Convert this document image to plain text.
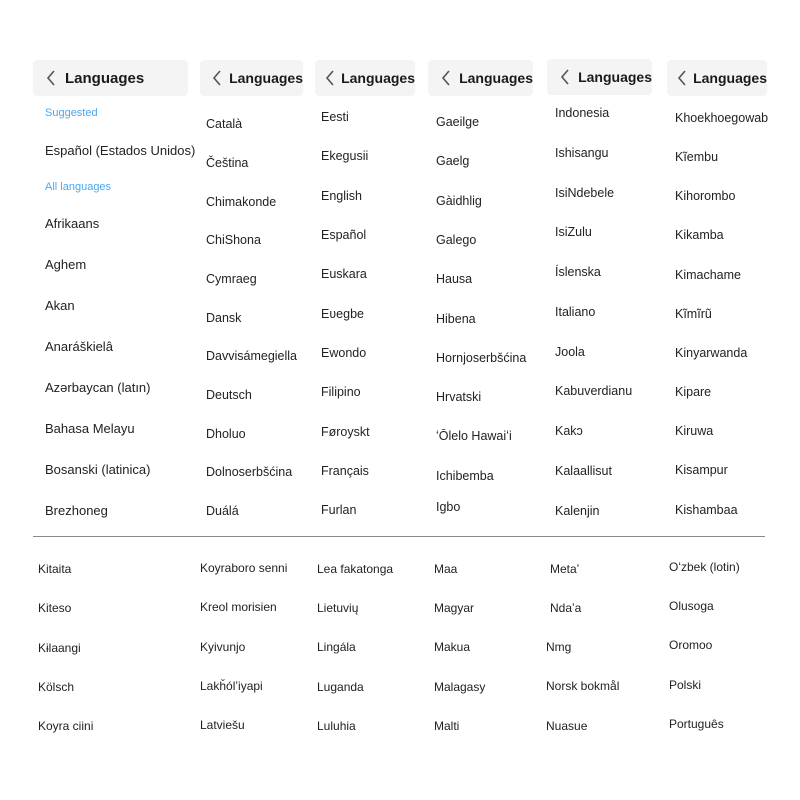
Languages
Suggested
Español (Estados Unidos)
All languages
Afrikaans
Aghem
Akan
Anaráškielâ
Azərbaycan (latın)
Bahasa Melayu
Bosanski (latinica)
Brezhoneg
Languages
Català
Čeština
Chimakonde
ChiShona
Cymraeg
Dansk
Davvisámegiella
Deutsch
Dholuo
Dolnoserbšćina
Duálá
Languages
Eesti
Ekegusii
English
Español
Euskara
Eʋegbe
Ewondo
Filipino
Føroyskt
Français
Furlan
Languages
Gaeilge
Gaelg
Gàidhlig
Galego
Hausa
Hibena
Hornjoserbšćina
Hrvatski
ʻŌlelo Hawaiʻi
Ichibemba
Igbo
Languages
Indonesia
Ishisangu
IsiNdebele
IsiZulu
Íslenska
Italiano
Joola
Kabuverdianu
Kakɔ
Kalaallisut
Kalenjin
Languages
Khoekhoegowab
Kĩembu
Kihorombo
Kikamba
Kimachame
Kĩmĩrũ
Kinyarwanda
Kipare
Kiruwa
Kisampur
Kishambaa
Kitaita
Kiteso
Kɨlaangi
Kölsch
Koyra ciini
Koyraboro senni
Kreol morisien
Kyivunjo
Lakȟólʼiyapi
Latviešu
Lea fakatonga
Lietuvių
Lingála
Luganda
Luluhia
Maa
Magyar
Makua
Malagasy
Malti
Metaʼ
Ndaʼa
Nmg
Norsk bokmål
Nuasue
Oʻzbek (lotin)
Olusoga
Oromoo
Polski
Português
